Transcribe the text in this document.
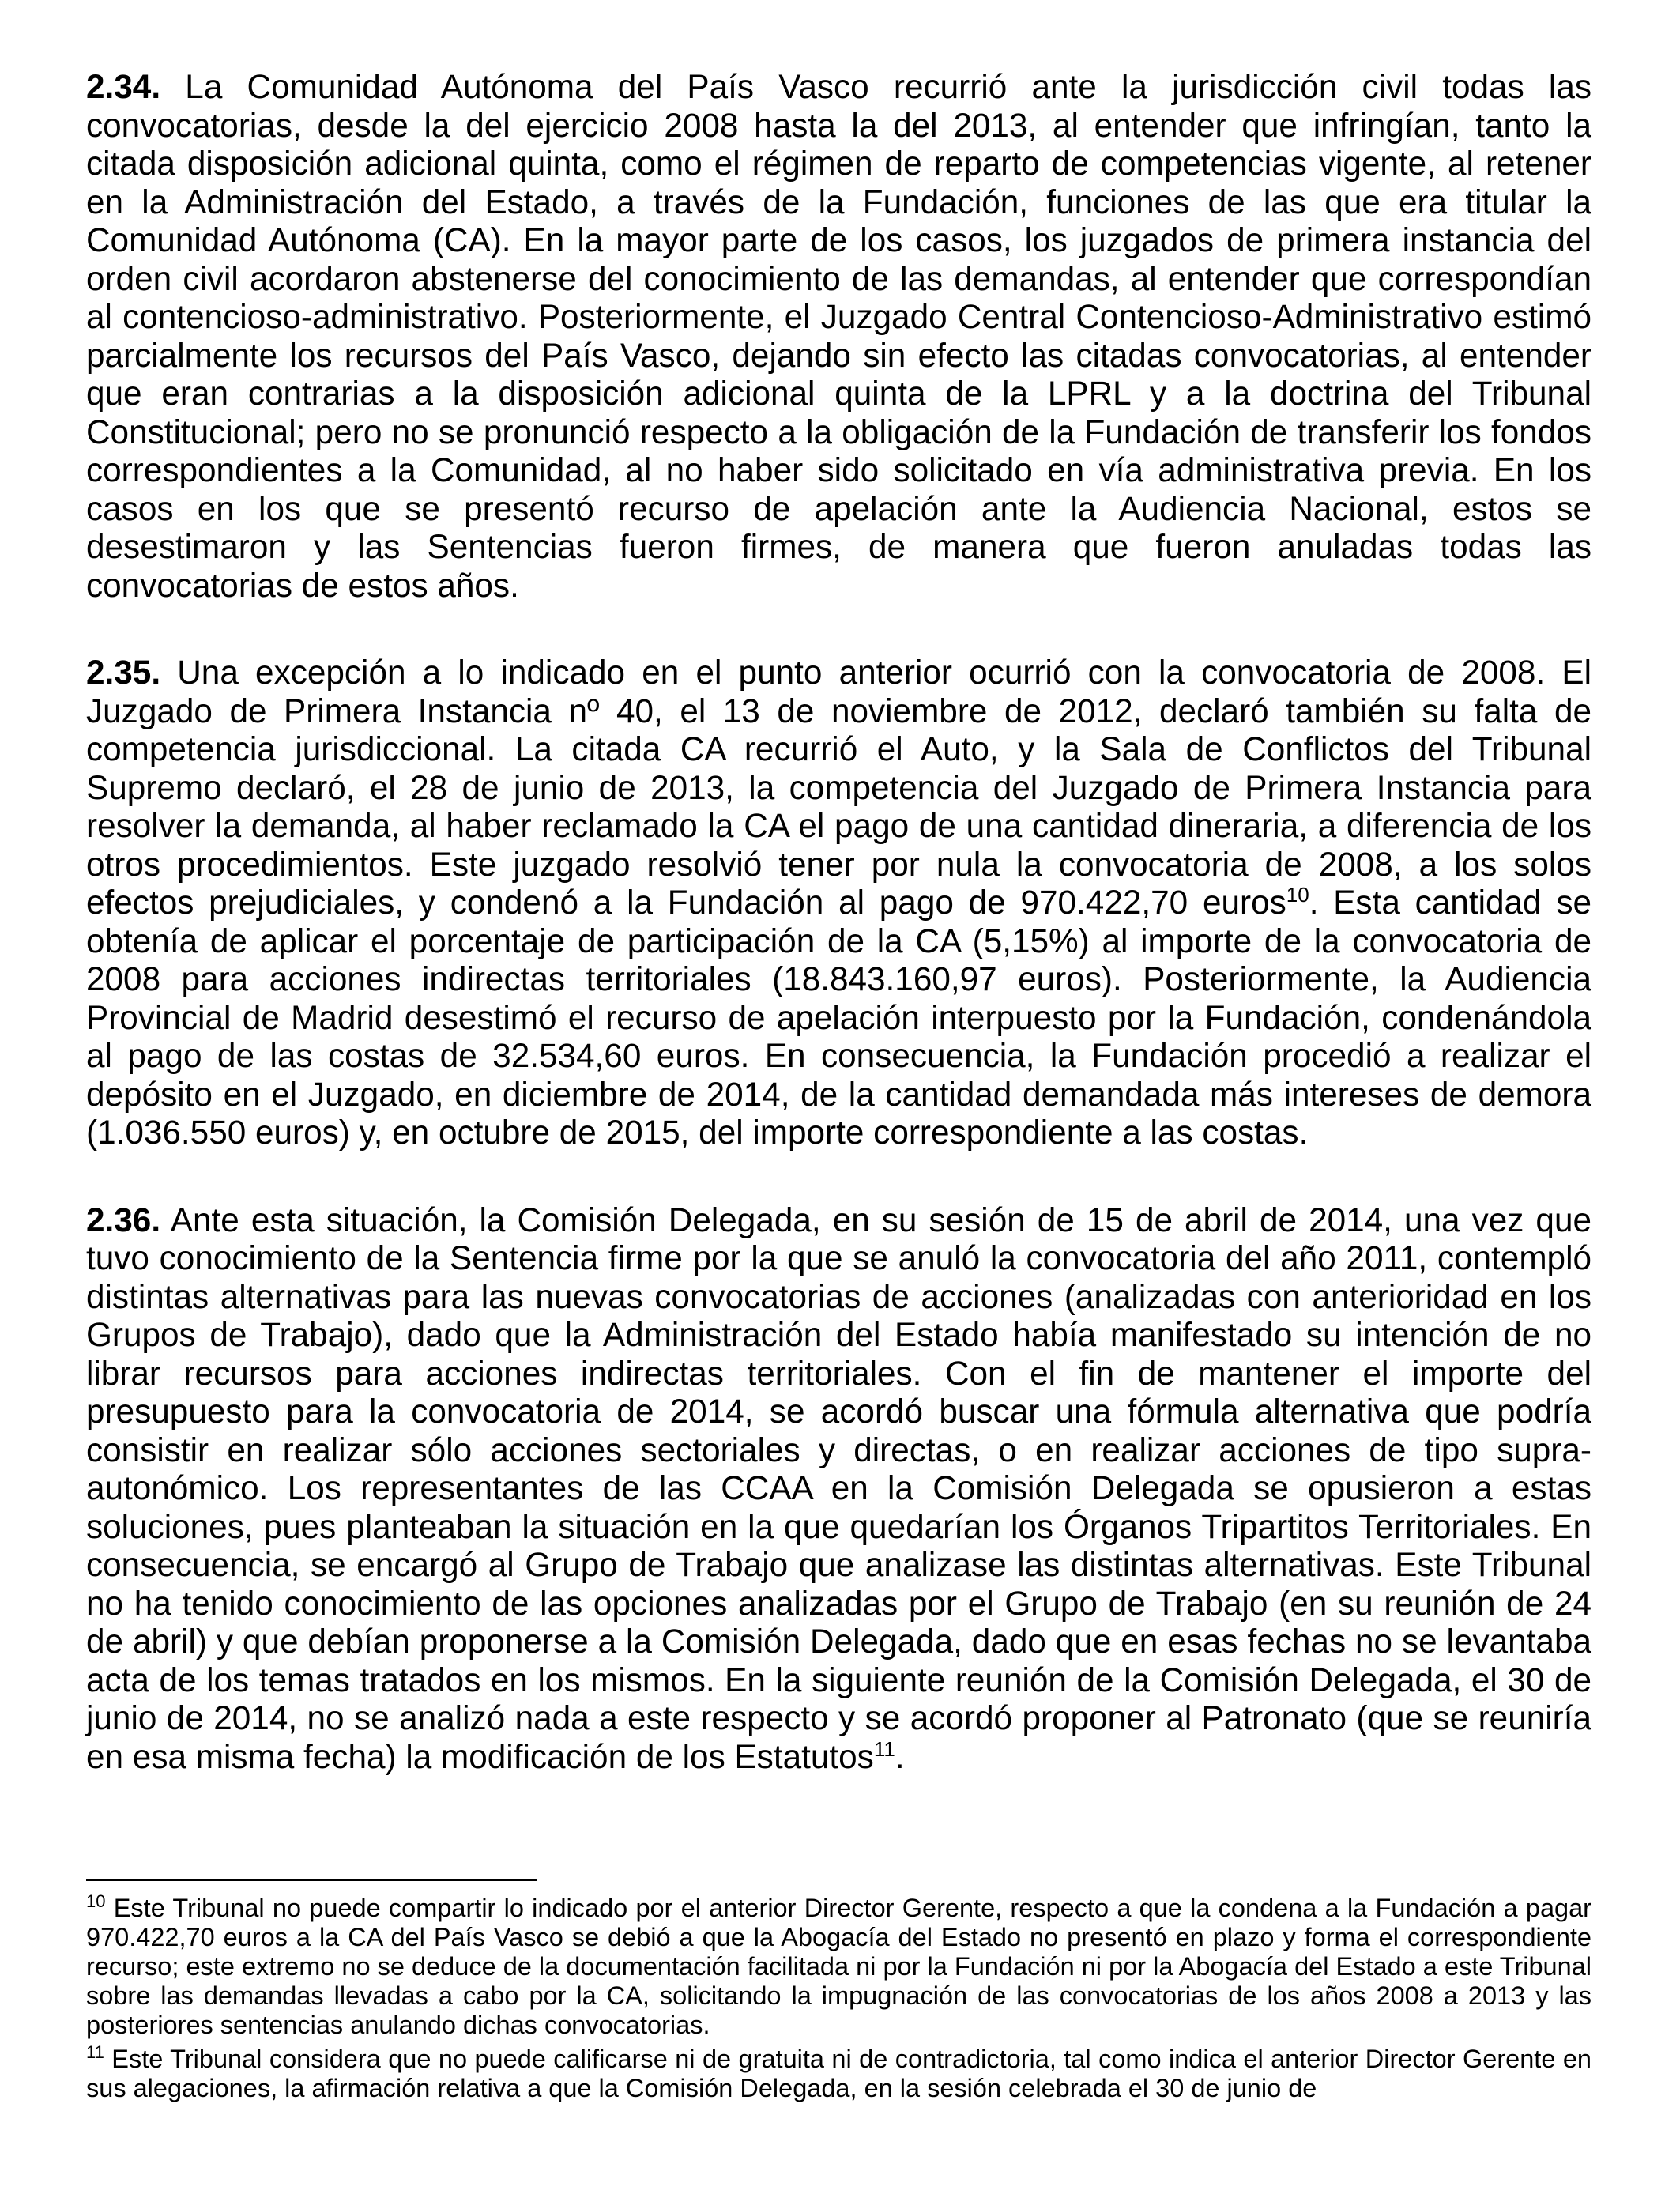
2.34. La Comunidad Autónoma del País Vasco recurrió ante la jurisdicción civil todas las convocatorias, desde la del ejercicio 2008 hasta la del 2013, al entender que infringían, tanto la citada disposición adicional quinta, como el régimen de reparto de competencias vigente, al retener en la Administración del Estado, a través de la Fundación, funciones de las que era titular la Comunidad Autónoma (CA). En la mayor parte de los casos, los juzgados de primera instancia del orden civil acordaron abstenerse del conocimiento de las demandas, al entender que correspondían al contencioso-administrativo. Posteriormente, el Juzgado Central Contencioso-Administrativo estimó parcialmente los recursos del País Vasco, dejando sin efecto las citadas convocatorias, al entender que eran contrarias a la disposición adicional quinta de la LPRL y a la doctrina del Tribunal Constitucional; pero no se pronunció respecto a la obligación de la Fundación de transferir los fondos correspondientes a la Comunidad, al no haber sido solicitado en vía administrativa previa. En los casos en los que se presentó recurso de apelación ante la Audiencia Nacional, estos se desestimaron y las Sentencias fueron firmes, de manera que fueron anuladas todas las convocatorias de estos años.

2.35. Una excepción a lo indicado en el punto anterior ocurrió con la convocatoria de 2008. El Juzgado de Primera Instancia nº 40, el 13 de noviembre de 2012, declaró también su falta de competencia jurisdiccional. La citada CA recurrió el Auto, y la Sala de Conflictos del Tribunal Supremo declaró, el 28 de junio de 2013, la competencia del Juzgado de Primera Instancia para resolver la demanda, al haber reclamado la CA el pago de una cantidad dineraria, a diferencia de los otros procedimientos. Este juzgado resolvió tener por nula la convocatoria de 2008, a los solos efectos prejudiciales, y condenó a la Fundación al pago de 970.422,70 euros$^{10}$. Esta cantidad se obtenía de aplicar el porcentaje de participación de la CA (5,15%) al importe de la convocatoria de 2008 para acciones indirectas territoriales (18.843.160,97 euros). Posteriormente, la Audiencia Provincial de Madrid desestimó el recurso de apelación interpuesto por la Fundación, condenándola al pago de las costas de 32.534,60 euros. En consecuencia, la Fundación procedió a realizar el depósito en el Juzgado, en diciembre de 2014, de la cantidad demandada más intereses de demora (1.036.550 euros) y, en octubre de 2015, del importe correspondiente a las costas.

2.36. Ante esta situación, la Comisión Delegada, en su sesión de 15 de abril de 2014, una vez que tuvo conocimiento de la Sentencia firme por la que se anuló la convocatoria del año 2011, contempló distintas alternativas para las nuevas convocatorias de acciones (analizadas con anterioridad en los Grupos de Trabajo), dado que la Administración del Estado había manifestado su intención de no librar recursos para acciones indirectas territoriales. Con el fin de mantener el importe del presupuesto para la convocatoria de 2014, se acordó buscar una fórmula alternativa que podría consistir en realizar sólo acciones sectoriales y directas, o en realizar acciones de tipo supra-autonómico. Los representantes de las CCAA en la Comisión Delegada se opusieron a estas soluciones, pues planteaban la situación en la que quedarían los Órganos Tripartitos Territoriales. En consecuencia, se encargó al Grupo de Trabajo que analizase las distintas alternativas. Este Tribunal no ha tenido conocimiento de las opciones analizadas por el Grupo de Trabajo (en su reunión de 24 de abril) y que debían proponerse a la Comisión Delegada, dado que en esas fechas no se levantaba acta de los temas tratados en los mismos. En la siguiente reunión de la Comisión Delegada, el 30 de junio de 2014, no se analizó nada a este respecto y se acordó proponer al Patronato (que se reuniría en esa misma fecha) la modificación de los Estatutos$^{11}$.

$^{10}$ Este Tribunal no puede compartir lo indicado por el anterior Director Gerente, respecto a que la condena a la Fundación a pagar 970.422,70 euros a la CA del País Vasco se debió a que la Abogacía del Estado no presentó en plazo y forma el correspondiente recurso; este extremo no se deduce de la documentación facilitada ni por la Fundación ni por la Abogacía del Estado a este Tribunal sobre las demandas llevadas a cabo por la CA, solicitando la impugnación de las convocatorias de los años 2008 a 2013 y las posteriores sentencias anulando dichas convocatorias.

$^{11}$ Este Tribunal considera que no puede calificarse ni de gratuita ni de contradictoria, tal como indica el anterior Director Gerente en sus alegaciones, la afirmación relativa a que la Comisión Delegada, en la sesión celebrada el 30 de junio de
